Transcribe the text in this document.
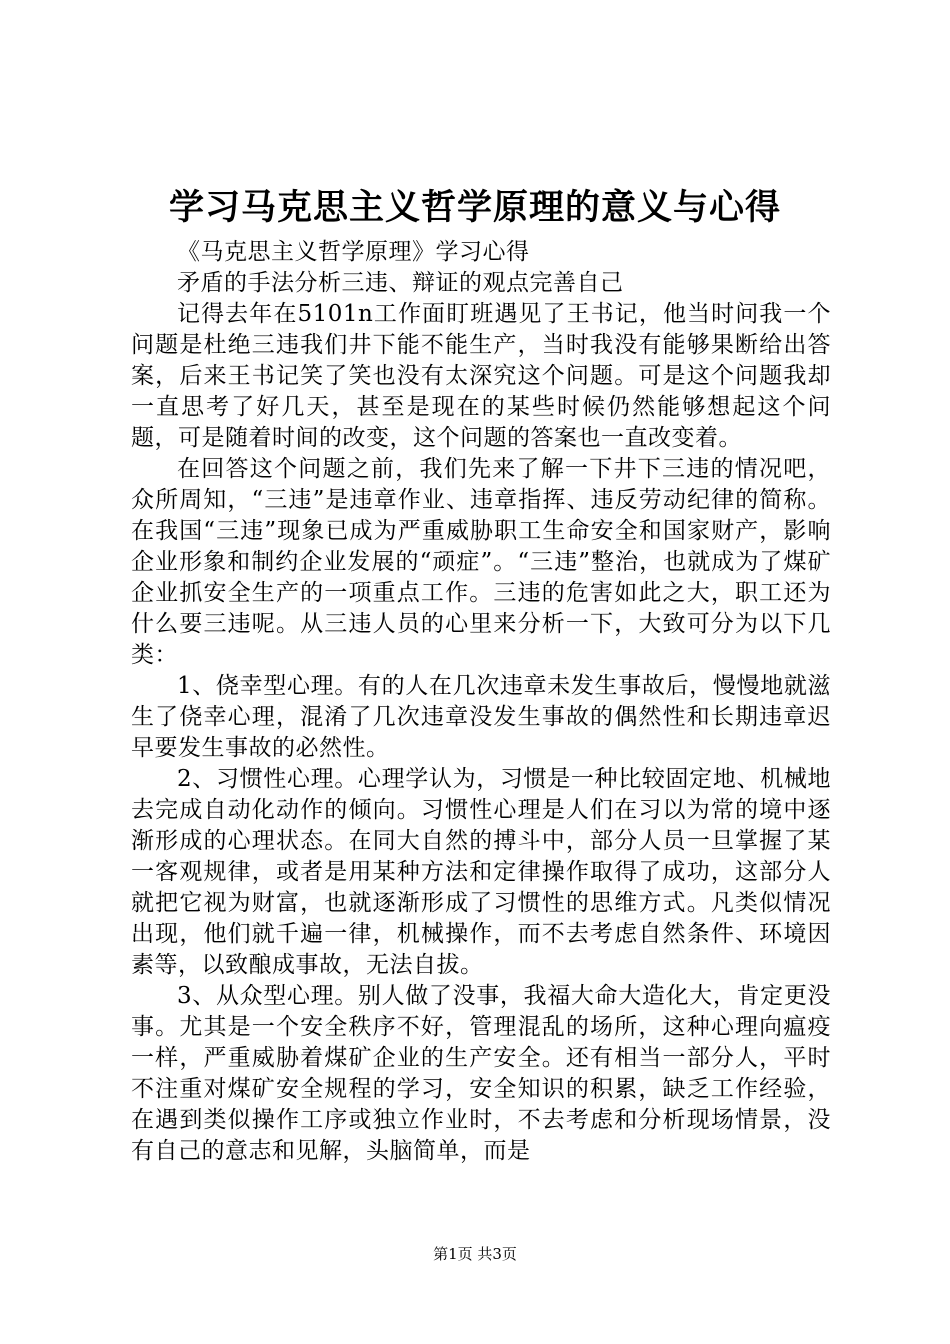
学习马克思主义哲学原理的意义与心得

《马克思主义哲学原理》学习心得

矛盾的手法分析三违、辩证的观点完善自己

记得去年在5101n工作面盯班遇见了王书记，他当时问我一个问题是杜绝三违我们井下能不能生产，当时我没有能够果断给出答案，后来王书记笑了笑也没有太深究这个问题。可是这个问题我却一直思考了好几天，甚至是现在的某些时候仍然能够想起这个问题，可是随着时间的改变，这个问题的答案也一直改变着。

在回答这个问题之前，我们先来了解一下井下三违的情况吧，众所周知，“三违”是违章作业、违章指挥、违反劳动纪律的简称。在我国“三违”现象已成为严重威胁职工生命安全和国家财产，影响企业形象和制约企业发展的“顽症”。“三违”整治，也就成为了煤矿企业抓安全生产的一项重点工作。三违的危害如此之大，职工还为什么要三违呢。从三违人员的心里来分析一下，大致可分为以下几类：

1、侥幸型心理。有的人在几次违章未发生事故后，慢慢地就滋生了侥幸心理，混淆了几次违章没发生事故的偶然性和长期违章迟早要发生事故的必然性。

2、习惯性心理。心理学认为，习惯是一种比较固定地、机械地去完成自动化动作的倾向。习惯性心理是人们在习以为常的境中逐渐形成的心理状态。在同大自然的搏斗中，部分人员一旦掌握了某一客观规律，或者是用某种方法和定律操作取得了成功，这部分人就把它视为财富，也就逐渐形成了习惯性的思维方式。凡类似情况出现，他们就千遍一律，机械操作，而不去考虑自然条件、环境因素等，以致酿成事故，无法自拔。

3、从众型心理。别人做了没事，我福大命大造化大，肯定更没事。尤其是一个安全秩序不好，管理混乱的场所，这种心理向瘟疫一样，严重威胁着煤矿企业的生产安全。还有相当一部分人，平时不注重对煤矿安全规程的学习，安全知识的积累，缺乏工作经验，在遇到类似操作工序或独立作业时，不去考虑和分析现场情景，没有自己的意志和见解，头脑简单，而是

第1页 共3页
